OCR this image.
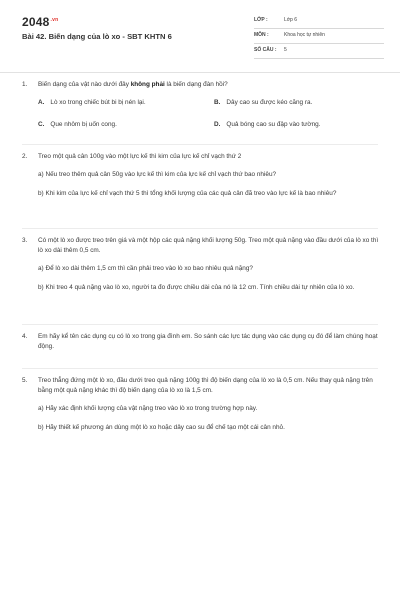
$2048^{.vn}$
Bài 42. Biến dạng của lò xo - SBT KHTN 6
LỚP :	Lớp 6
MÔN :	Khoa học tự nhiên
SỐ CÂU : 5
1.	Biến dạng của vật nào dưới đây không phải là biến dạng đàn hồi?
A. Lò xo trong chiếc bút bi bị nén lại.	B. Dây cao su được kéo căng ra.
C. Que nhôm bị uốn cong.	D. Quả bóng cao su đập vào tường.
2.	Treo một quả cân 100g vào một lực kế thì kim của lực kế chỉ vạch thứ 2
a) Nếu treo thêm quả cân 50g vào lực kế thì kim của lực kế chỉ vạch thứ bao nhiêu?
b) Khi kim của lực kế chỉ vạch thứ 5 thì tổng khối lượng của các quả cân đã treo vào lực kế là bao nhiêu?
3.	Có một lò xo được treo trên giá và một hộp các quả nặng khối lượng 50g. Treo một quả nặng vào đầu dưới của lò xo thì lò xo dài thêm 0,5 cm.
a) Để lò xo dài thêm 1,5 cm thì cần phải treo vào lò xo bao nhiêu quả nặng?
b) Khi treo 4 quả nặng vào lò xo, người ta đo được chiều dài của nó là 12 cm. Tính chiều dài tự nhiên của lò xo.
4.	Em hãy kể tên các dụng cụ có lò xo trong gia đình em. So sánh các lực tác dụng vào các dụng cụ đó để làm chúng hoạt động.
5.	Treo thẳng đứng một lò xo, đầu dưới treo quả nặng 100g thì độ biến dạng của lò xo là 0,5 cm. Nếu thay quả nặng trên bằng một quả nặng khác thì độ biến dạng của lò xo là 1,5 cm.
a) Hãy xác định khối lượng của vật nặng treo vào lò xo trong trường hợp này.
b) Hãy thiết kế phương án dùng một lò xo hoặc dây cao su để chế tạo một cái cân nhỏ.
